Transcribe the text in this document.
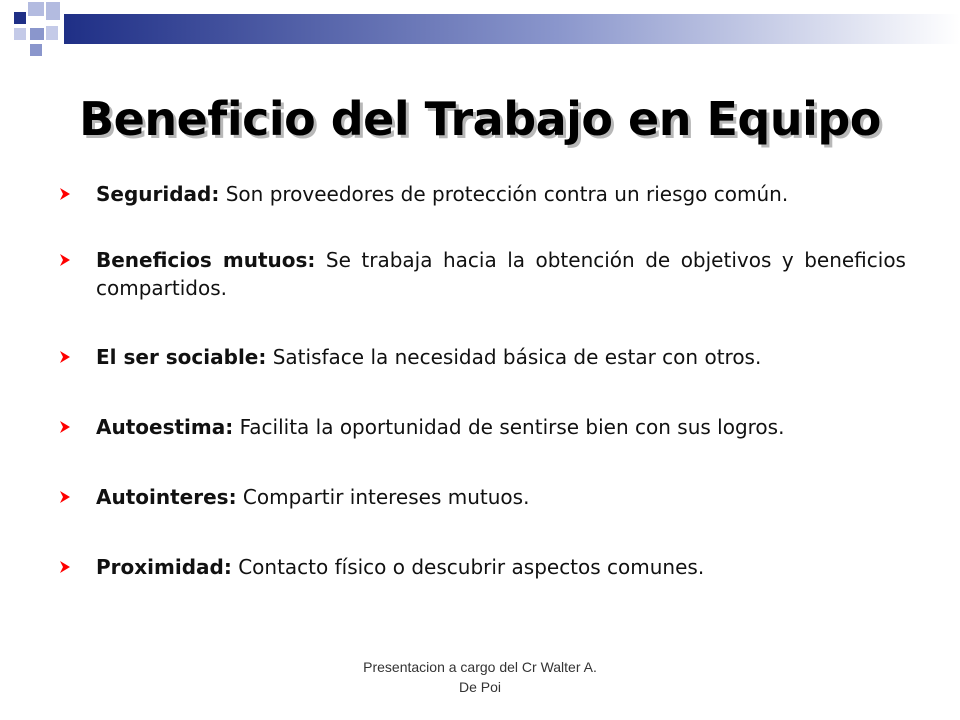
Beneficio del Trabajo en Equipo
Seguridad: Son proveedores de protección contra un riesgo común.
Beneficios mutuos: Se trabaja hacia la obtención de objetivos y beneficios compartidos.
El ser sociable: Satisface la necesidad básica de estar con otros.
Autoestima: Facilita la oportunidad de sentirse bien con sus logros.
Autointeres: Compartir intereses mutuos.
Proximidad: Contacto físico o descubrir aspectos comunes.
Presentacion a cargo del Cr Walter A.
De Poi
